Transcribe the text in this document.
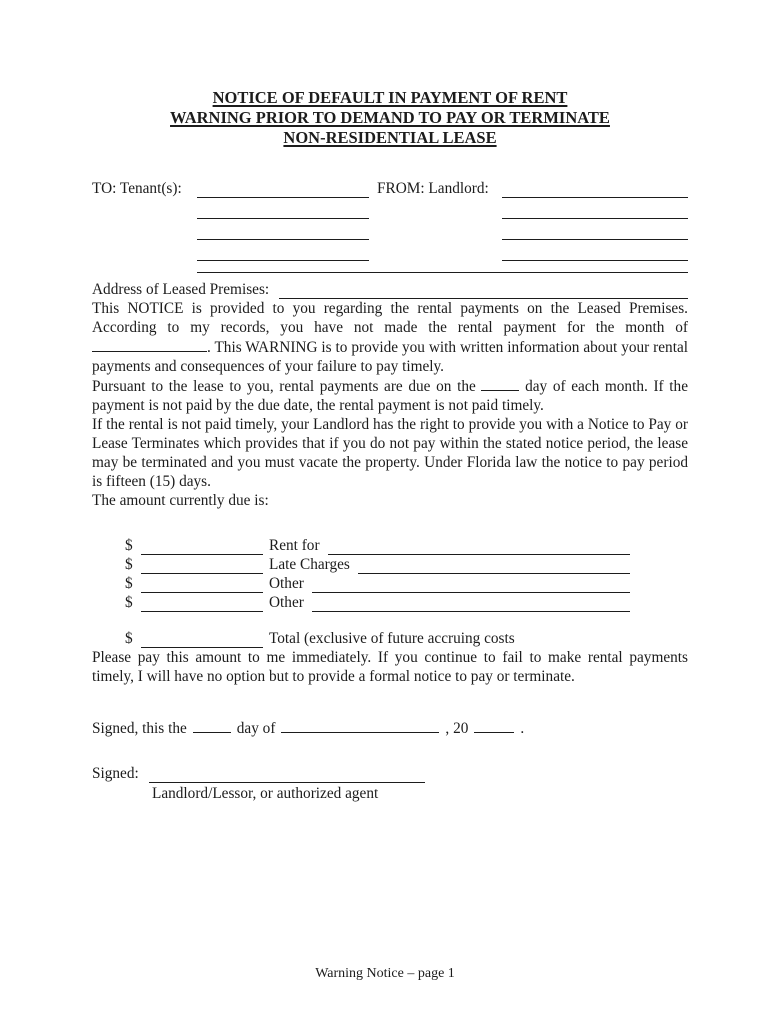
NOTICE OF DEFAULT IN PAYMENT OF RENT
WARNING PRIOR TO DEMAND TO PAY OR TERMINATE
NON-RESIDENTIAL LEASE
TO: Tenant(s):	FROM: Landlord:
Address of Leased Premises:

This NOTICE is provided to you regarding the rental payments on the Leased Premises. According to my records, you have not made the rental payment for the month of . This WARNING is to provide you with written information about your rental payments and consequences of your failure to pay timely.

Pursuant to the lease to you, rental payments are due on the	day of each month. If the payment is not paid by the due date, the rental payment is not paid timely.

If the rental is not paid timely, your Landlord has the right to provide you with a Notice to Pay or Lease Terminates which provides that if you do not pay within the stated notice period, the lease may be terminated and you must vacate the property. Under Florida law the notice to pay period is fifteen (15) days.

The amount currently due is:

$	Rent for
$	Late Charges
$	Other
$	Other
$	Total (exclusive of future accruing costs

Please pay this amount to me immediately. If you continue to fail to make rental payments timely, I will have no option but to provide a formal notice to pay or terminate.

Signed, this the	day of	, 20	.
Signed:
Landlord/Lessor, or authorized agent
Warning Notice – page 1
